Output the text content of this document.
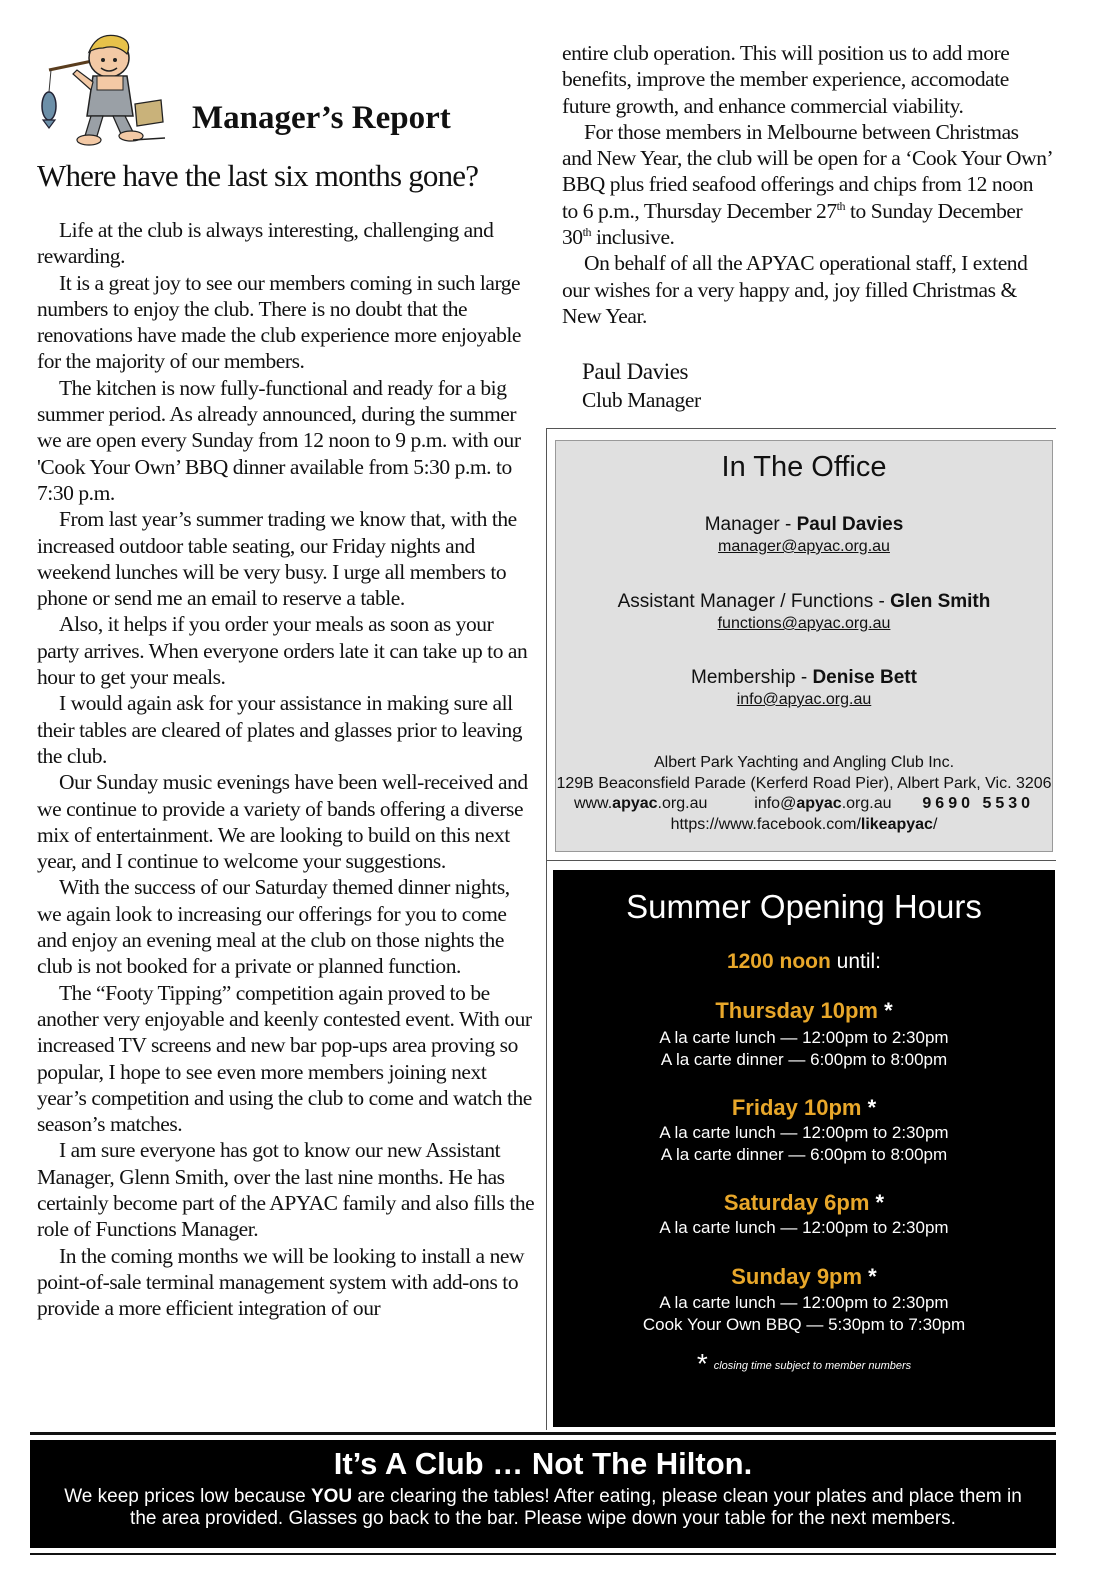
Manager’s Report
Where have the last six months gone?

Life at the club is always interesting, challenging and rewarding.

It is a great joy to see our members coming in such large numbers to enjoy the club. There is no doubt that the renovations have made the club experience more enjoyable for the majority of our members.

The kitchen is now fully-functional and ready for a big summer period. As already announced, during the summer we are open every Sunday from 12 noon to 9 p.m. with our 'Cook Your Own’ BBQ dinner available from 5:30 p.m. to 7:30 p.m.

From last year’s summer trading we know that, with the increased outdoor table seating, our Friday nights and weekend lunches will be very busy. I urge all members to phone or send me an email to reserve a table.

Also, it helps if you order your meals as soon as your party arrives. When everyone orders late it can take up to an hour to get your meals.

I would again ask for your assistance in making sure all their tables are cleared of plates and glasses prior to leaving the club.

Our Sunday music evenings have been well-received and we continue to provide a variety of bands offering a diverse mix of entertainment. We are looking to build on this next year, and I continue to welcome your suggestions.

With the success of our Saturday themed dinner nights, we again look to increasing our offerings for you to come and enjoy an evening meal at the club on those nights the club is not booked for a private or planned function.

The “Footy Tipping” competition again proved to be another very enjoyable and keenly contested event. With our increased TV screens and new bar pop-ups area proving so popular, I hope to see even more members joining next year’s competition and using the club to come and watch the season’s matches.

I am sure everyone has got to know our new Assistant Manager, Glenn Smith, over the last nine months. He has certainly become part of the APYAC family and also fills the role of Functions Manager.

In the coming months we will be looking to install a new point-of-sale terminal management system with add-ons to provide a more efficient integration of our

entire club operation. This will position us to add more benefits, improve the member experience, accomodate future growth, and enhance commercial viability.

For those members in Melbourne between Christmas and New Year, the club will be open for a ‘Cook Your Own’ BBQ plus fried seafood offerings and chips from 12 noon to 6 p.m., Thursday December 27th to Sunday December 30th inclusive.

On behalf of all the APYAC operational staff, I extend our wishes for a very happy and, joy filled Christmas & New Year.

Paul Davies
Club Manager
In The Office
Manager - Paul Davies
manager@apyac.org.au
Assistant Manager / Functions - Glen Smith
functions@apyac.org.au
Membership - Denise Bett
info@apyac.org.au
Albert Park Yachting and Angling Club Inc.
129B Beaconsfield Parade (Kerferd Road Pier), Albert Park, Vic. 3206
www.apyac.org.au	info@apyac.org.au 9690 5530
https://www.facebook.com/likeapyac/
Summer Opening Hours
1200 noon until:
Thursday 10pm *
A la carte lunch — 12:00pm to 2:30pm
A la carte dinner — 6:00pm to 8:00pm
Friday 10pm *
A la carte lunch — 12:00pm to 2:30pm
A la carte dinner — 6:00pm to 8:00pm
Saturday 6pm *
A la carte lunch — 12:00pm to 2:30pm
Sunday 9pm *
A la carte lunch — 12:00pm to 2:30pm
Cook Your Own BBQ — 5:30pm to 7:30pm
* closing time subject to member numbers
It’s A Club … Not The Hilton.
We keep prices low because YOU are clearing the tables! After eating, please clean your plates and place them in the area provided. Glasses go back to the bar. Please wipe down your table for the next members.
